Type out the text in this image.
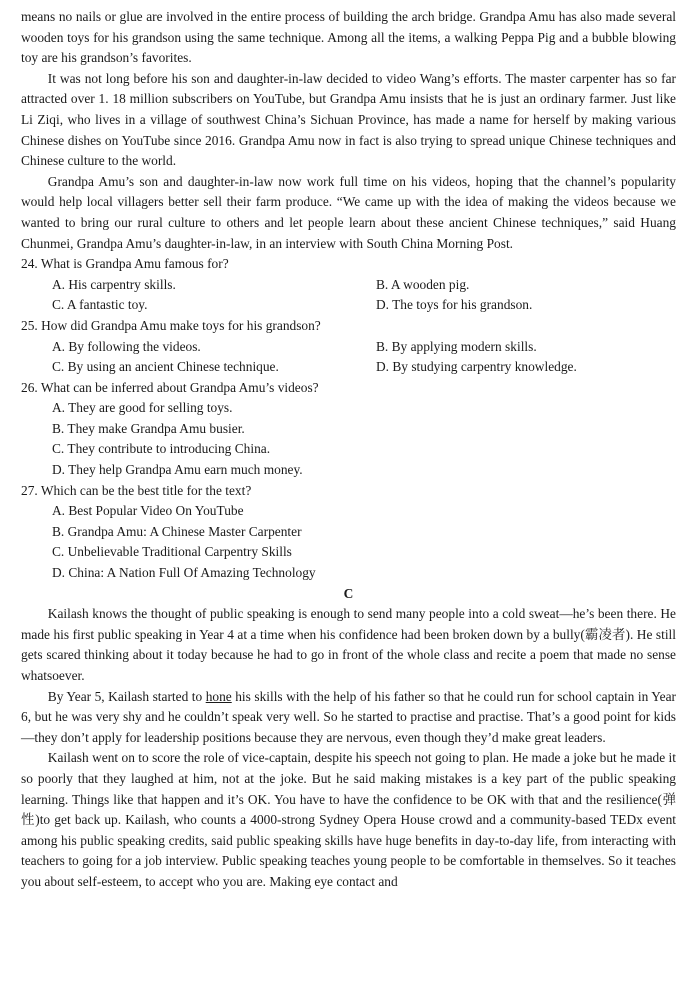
means no nails or glue are involved in the entire process of building the arch bridge. Grandpa Amu has also made several wooden toys for his grandson using the same technique. Among all the items, a walking Peppa Pig and a bubble blowing toy are his grandson’s favorites.

It was not long before his son and daughter-in-law decided to video Wang’s efforts. The master carpenter has so far attracted over 1. 18 million subscribers on YouTube, but Grandpa Amu insists that he is just an ordinary farmer. Just like Li Ziqi, who lives in a village of southwest China’s Sichuan Province, has made a name for herself by making various Chinese dishes on YouTube since 2016. Grandpa Amu now in fact is also trying to spread unique Chinese techniques and Chinese culture to the world.

Grandpa Amu’s son and daughter-in-law now work full time on his videos, hoping that the channel’s popularity would help local villagers better sell their farm produce. “We came up with the idea of making the videos because we wanted to bring our rural culture to others and let people learn about these ancient Chinese techniques,” said Huang Chunmei, Grandpa Amu’s daughter-in-law, in an interview with South China Morning Post.

24. What is Grandpa Amu famous for?

A. His carpentry skills.	B. A wooden pig.
C. A fantastic toy.	D. The toys for his grandson.

25. How did Grandpa Amu make toys for his grandson?

A. By following the videos.	B. By applying modern skills.
C. By using an ancient Chinese technique.	D. By studying carpentry knowledge.

26. What can be inferred about Grandpa Amu’s videos?

A. They are good for selling toys.
B. They make Grandpa Amu busier.
C. They contribute to introducing China.
D. They help Grandpa Amu earn much money.

27. Which can be the best title for the text?

A. Best Popular Video On YouTube
B. Grandpa Amu: A Chinese Master Carpenter
C. Unbelievable Traditional Carpentry Skills
D. China: A Nation Full Of Amazing Technology

C

Kailash knows the thought of public speaking is enough to send many people into a cold sweat—he’s been there. He made his first public speaking in Year 4 at a time when his confidence had been broken down by a bully(霸凌者). He still gets scared thinking about it today because he had to go in front of the whole class and recite a poem that made no sense whatsoever.

By Year 5, Kailash started to hone his skills with the help of his father so that he could run for school captain in Year 6, but he was very shy and he couldn’t speak very well. So he started to practise and practise. That’s a good point for kids—they don’t apply for leadership positions because they are nervous, even though they’d make great leaders.

Kailash went on to score the role of vice-captain, despite his speech not going to plan. He made a joke but he made it so poorly that they laughed at him, not at the joke. But he said making mistakes is a key part of the public speaking learning. Things like that happen and it’s OK. You have to have the confidence to be OK with that and the resilience(弹性)to get back up. Kailash, who counts a 4000-strong Sydney Opera House crowd and a community-based TEDx event among his public speaking credits, said public speaking skills have huge benefits in day-to-day life, from interacting with teachers to going for a job interview. Public speaking teaches young people to be comfortable in themselves. So it teaches you about self-esteem, to accept who you are. Making eye contact and
